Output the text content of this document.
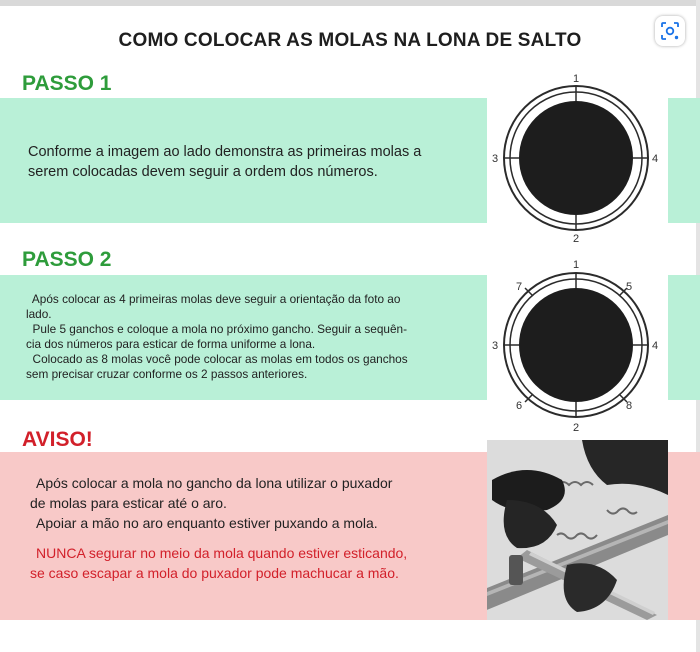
COMO COLOCAR AS MOLAS NA LONA DE SALTO
PASSO 1

Conforme a imagem ao lado demonstra as primeiras molas a

serem colocadas devem seguir a ordem dos números.

1
2
3	4
PASSO 2

Após colocar as 4 primeiras molas deve seguir a orientação da foto ao

lado.

Pule 5 ganchos e coloque a mola no próximo gancho. Seguir a sequên-

cia dos números para esticar de forma uniforme a lona.

Colocado as 8 molas você pode colocar as molas em todos os ganchos

sem precisar cruzar conforme os 2 passos anteriores.

1
2
3	4
5
6
7
8
AVISO!

Após colocar a mola no gancho da lona utilizar o puxador

de molas para esticar até o aro.

Apoiar a mão no aro enquanto estiver puxando a mola.

NUNCA segurar no meio da mola quando estiver esticando,

se caso escapar a mola do puxador pode machucar a mão.
